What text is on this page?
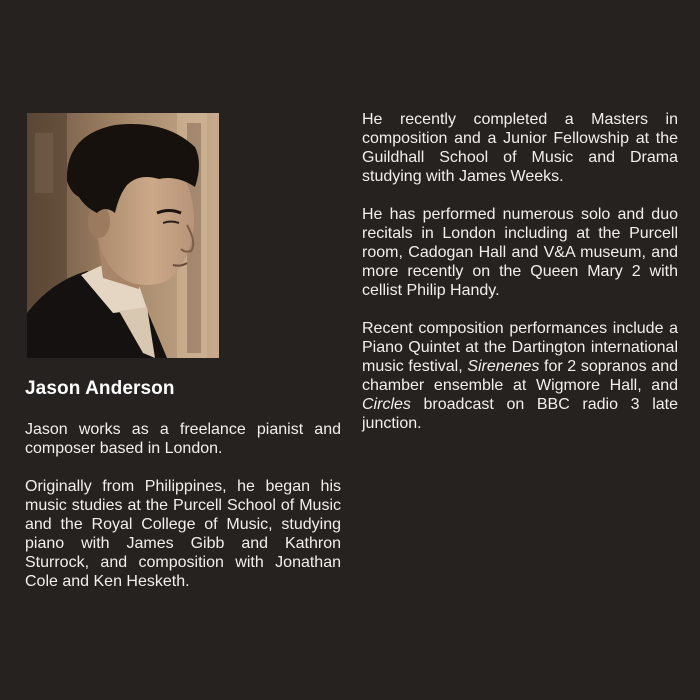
Jason Anderson

Jason works as a freelance pianist and composer based in London.

Originally from Philippines, he began his music studies at the Purcell School of Music and the Royal College of Music, studying piano with James Gibb and Kathron Sturrock, and composition with Jonathan Cole and Ken Hesketh.

He recently completed a Masters in composition and a Junior Fellowship at the Guildhall School of Music and Drama studying with James Weeks.

He has performed numerous solo and duo recitals in London including at the Purcell room, Cadogan Hall and V&A museum, and more recently on the Queen Mary 2 with cellist Philip Handy.

Recent composition performances include a Piano Quintet at the Dartington international music festival, Sirenenes for 2 sopranos and chamber ensemble at Wigmore Hall, and Circles broadcast on BBC radio 3 late junction.
